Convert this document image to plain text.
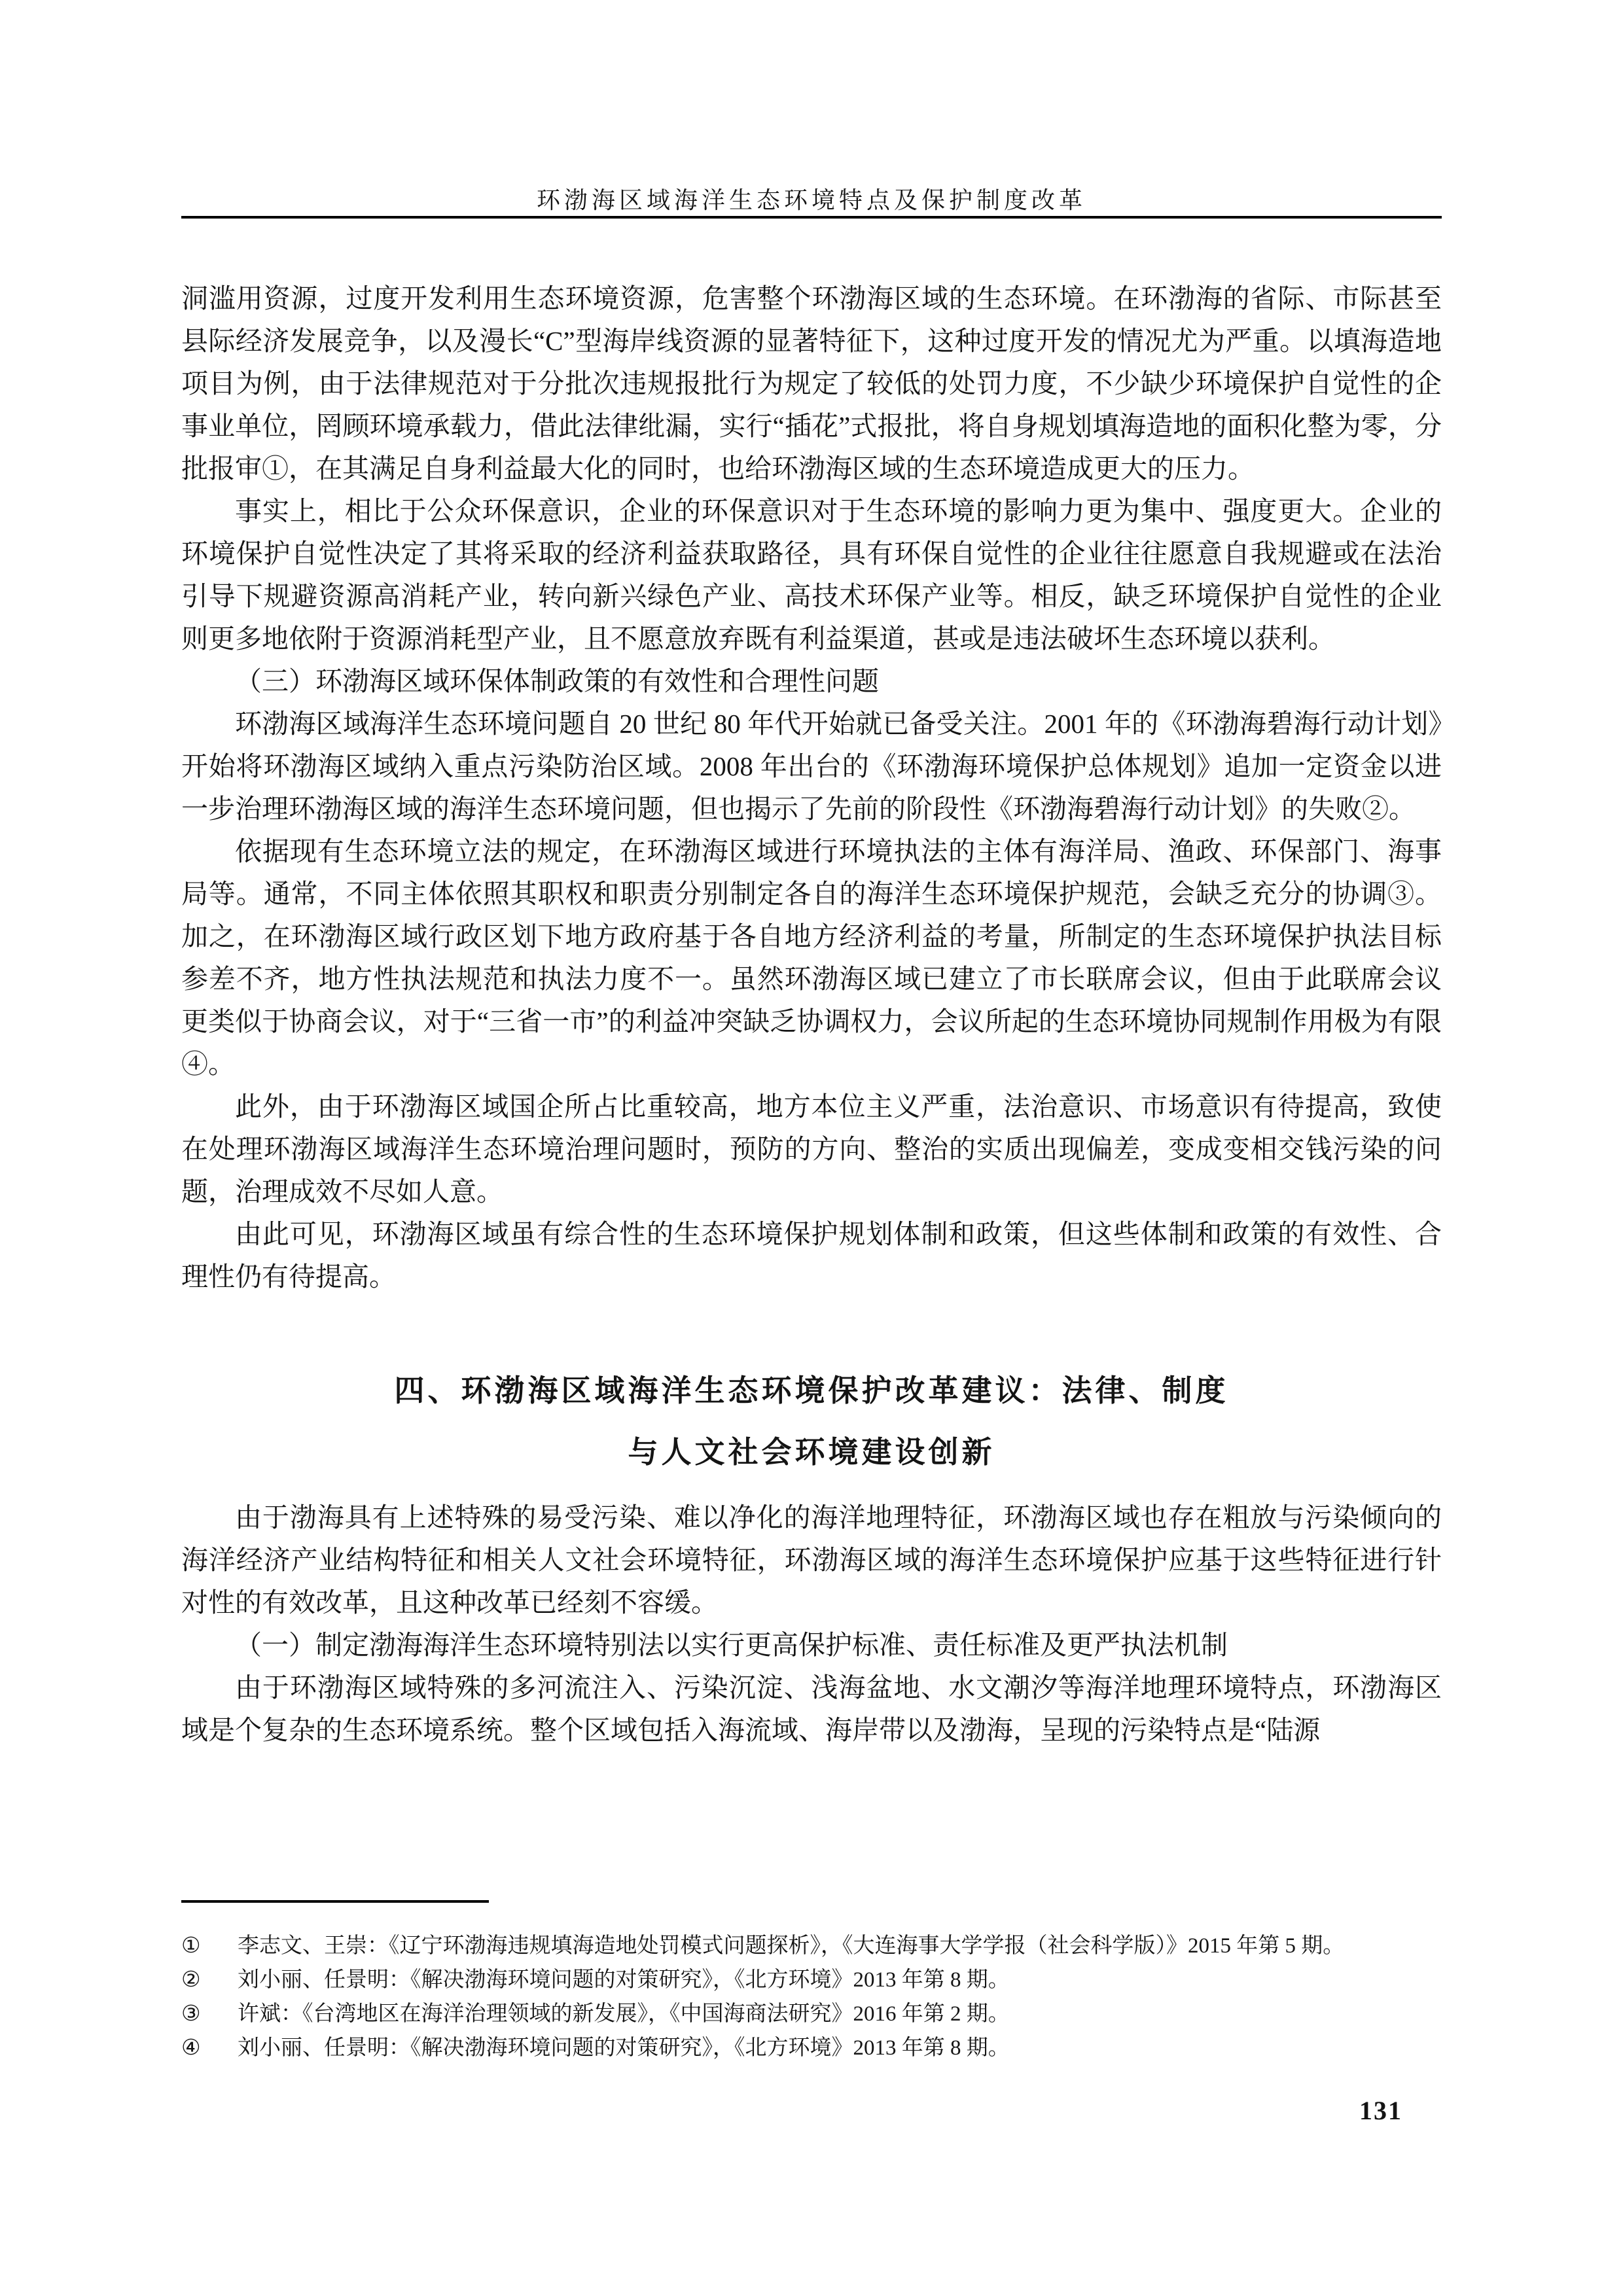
环渤海区域海洋生态环境特点及保护制度改革

洞滥用资源，过度开发利用生态环境资源，危害整个环渤海区域的生态环境。在环渤海的省际、市际甚至县际经济发展竞争，以及漫长“C”型海岸线资源的显著特征下，这种过度开发的情况尤为严重。以填海造地项目为例，由于法律规范对于分批次违规报批行为规定了较低的处罚力度，不少缺少环境保护自觉性的企事业单位，罔顾环境承载力，借此法律纰漏，实行“插花”式报批，将自身规划填海造地的面积化整为零，分批报审①，在其满足自身利益最大化的同时，也给环渤海区域的生态环境造成更大的压力。

事实上，相比于公众环保意识，企业的环保意识对于生态环境的影响力更为集中、强度更大。企业的环境保护自觉性决定了其将采取的经济利益获取路径，具有环保自觉性的企业往往愿意自我规避或在法治引导下规避资源高消耗产业，转向新兴绿色产业、高技术环保产业等。相反，缺乏环境保护自觉性的企业则更多地依附于资源消耗型产业，且不愿意放弃既有利益渠道，甚或是违法破坏生态环境以获利。

（三）环渤海区域环保体制政策的有效性和合理性问题

环渤海区域海洋生态环境问题自 20 世纪 80 年代开始就已备受关注。2001 年的《环渤海碧海行动计划》开始将环渤海区域纳入重点污染防治区域。2008 年出台的《环渤海环境保护总体规划》追加一定资金以进一步治理环渤海区域的海洋生态环境问题，但也揭示了先前的阶段性《环渤海碧海行动计划》的失败②。

依据现有生态环境立法的规定，在环渤海区域进行环境执法的主体有海洋局、渔政、环保部门、海事局等。通常，不同主体依照其职权和职责分别制定各自的海洋生态环境保护规范，会缺乏充分的协调③。加之，在环渤海区域行政区划下地方政府基于各自地方经济利益的考量，所制定的生态环境保护执法目标参差不齐，地方性执法规范和执法力度不一。虽然环渤海区域已建立了市长联席会议，但由于此联席会议更类似于协商会议，对于“三省一市”的利益冲突缺乏协调权力，会议所起的生态环境协同规制作用极为有限④。

此外，由于环渤海区域国企所占比重较高，地方本位主义严重，法治意识、市场意识有待提高，致使在处理环渤海区域海洋生态环境治理问题时，预防的方向、整治的实质出现偏差，变成变相交钱污染的问题，治理成效不尽如人意。

由此可见，环渤海区域虽有综合性的生态环境保护规划体制和政策，但这些体制和政策的有效性、合理性仍有待提高。

四、环渤海区域海洋生态环境保护改革建议：法律、制度
与人文社会环境建设创新

由于渤海具有上述特殊的易受污染、难以净化的海洋地理特征，环渤海区域也存在粗放与污染倾向的海洋经济产业结构特征和相关人文社会环境特征，环渤海区域的海洋生态环境保护应基于这些特征进行针对性的有效改革，且这种改革已经刻不容缓。

（一）制定渤海海洋生态环境特别法以实行更高保护标准、责任标准及更严执法机制

由于环渤海区域特殊的多河流注入、污染沉淀、浅海盆地、水文潮汐等海洋地理环境特点，环渤海区域是个复杂的生态环境系统。整个区域包括入海流域、海岸带以及渤海，呈现的污染特点是“陆源

① 李志文、王崇：《辽宁环渤海违规填海造地处罚模式问题探析》，《大连海事大学学报（社会科学版）》2015 年第 5 期。
② 刘小丽、任景明：《解决渤海环境问题的对策研究》，《北方环境》2013 年第 8 期。
③ 许斌：《台湾地区在海洋治理领域的新发展》，《中国海商法研究》2016 年第 2 期。
④ 刘小丽、任景明：《解决渤海环境问题的对策研究》，《北方环境》2013 年第 8 期。
131
